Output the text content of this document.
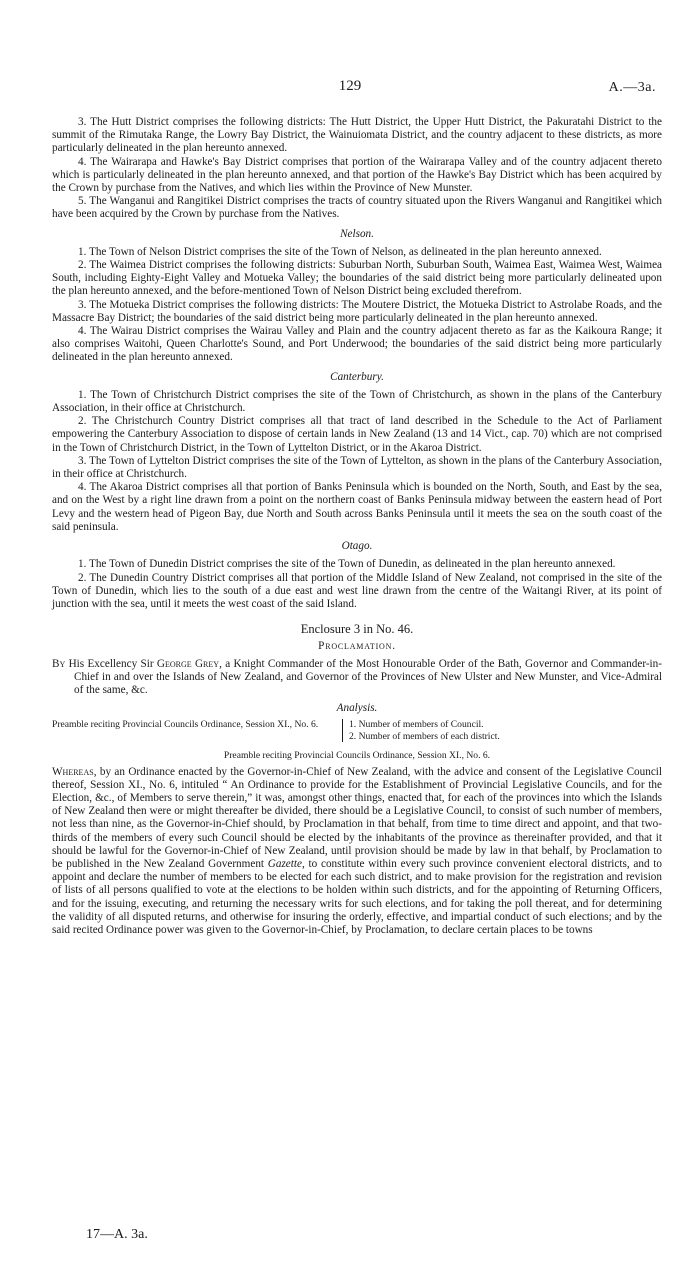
129	A.—3a.

3. The Hutt District comprises the following districts: The Hutt District, the Upper Hutt District, the Pakuratahi District to the summit of the Rimutaka Range, the Lowry Bay District, the Wainuiomata District, and the country adjacent to these districts, as more particularly delineated in the plan hereunto annexed.

4. The Wairarapa and Hawke's Bay District comprises that portion of the Wairarapa Valley and of the country adjacent thereto which is particularly delineated in the plan hereunto annexed, and that portion of the Hawke's Bay District which has been acquired by the Crown by purchase from the Natives, and which lies within the Province of New Munster.

5. The Wanganui and Rangitikei District comprises the tracts of country situated upon the Rivers Wanganui and Rangitikei which have been acquired by the Crown by purchase from the Natives.

Nelson.

1. The Town of Nelson District comprises the site of the Town of Nelson, as delineated in the plan hereunto annexed.

2. The Waimea District comprises the following districts: Suburban North, Suburban South, Waimea East, Waimea West, Waimea South, including Eighty-Eight Valley and Motueka Valley; the boundaries of the said district being more particularly delineated upon the plan hereunto annexed, and the before-mentioned Town of Nelson District being excluded therefrom.

3. The Motueka District comprises the following districts: The Moutere District, the Motueka District to Astrolabe Roads, and the Massacre Bay District; the boundaries of the said district being more particularly delineated in the plan hereunto annexed.

4. The Wairau District comprises the Wairau Valley and Plain and the country adjacent thereto as far as the Kaikoura Range; it also comprises Waitohi, Queen Charlotte's Sound, and Port Underwood; the boundaries of the said district being more particularly delineated in the plan hereunto annexed.

Canterbury.

1. The Town of Christchurch District comprises the site of the Town of Christchurch, as shown in the plans of the Canterbury Association, in their office at Christchurch.

2. The Christchurch Country District comprises all that tract of land described in the Schedule to the Act of Parliament empowering the Canterbury Association to dispose of certain lands in New Zealand (13 and 14 Vict., cap. 70) which are not comprised in the Town of Christchurch District, in the Town of Lyttelton District, or in the Akaroa District.

3. The Town of Lyttelton District comprises the site of the Town of Lyttelton, as shown in the plans of the Canterbury Association, in their office at Christchurch.

4. The Akaroa District comprises all that portion of Banks Peninsula which is bounded on the North, South, and East by the sea, and on the West by a right line drawn from a point on the northern coast of Banks Peninsula midway between the eastern head of Port Levy and the western head of Pigeon Bay, due North and South across Banks Peninsula until it meets the sea on the south coast of the said peninsula.

Otago.

1. The Town of Dunedin District comprises the site of the Town of Dunedin, as delineated in the plan hereunto annexed.

2. The Dunedin Country District comprises all that portion of the Middle Island of New Zealand, not comprised in the site of the Town of Dunedin, which lies to the south of a due east and west line drawn from the centre of the Waitangi River, at its point of junction with the sea, until it meets the west coast of the said Island.

Enclosure 3 in No. 46.
Proclamation.

By His Excellency Sir George Grey, a Knight Commander of the Most Honourable Order of the Bath, Governor and Commander-in-Chief in and over the Islands of New Zealand, and Governor of the Provinces of New Ulster and New Munster, and Vice-Admiral of the same, &c.

Analysis.
Preamble reciting Provincial Councils Ordinance, Session XI., No. 6.	1. Number of members of Council.
2. Number of members of each district.
Preamble reciting Provincial Councils Ordinance, Session XI., No. 6.

Whereas, by an Ordinance enacted by the Governor-in-Chief of New Zealand, with the advice and consent of the Legislative Council thereof, Session XI., No. 6, intituled “ An Ordinance to provide for the Establishment of Provincial Legislative Councils, and for the Election, &c., of Members to serve therein,” it was, amongst other things, enacted that, for each of the provinces into which the Islands of New Zealand then were or might thereafter be divided, there should be a Legislative Council, to consist of such number of members, not less than nine, as the Governor-in-Chief should, by Proclamation in that behalf, from time to time direct and appoint, and that two-thirds of the members of every such Council should be elected by the inhabitants of the province as thereinafter provided, and that it should be lawful for the Governor-in-Chief of New Zealand, until provision should be made by law in that behalf, by Proclamation to be published in the New Zealand Government Gazette, to constitute within every such province convenient electoral districts, and to appoint and declare the number of members to be elected for each such district, and to make provision for the registration and revision of lists of all persons qualified to vote at the elections to be holden within such districts, and for the appointing of Returning Officers, and for the issuing, executing, and returning the necessary writs for such elections, and for taking the poll thereat, and for determining the validity of all disputed returns, and otherwise for insuring the orderly, effective, and impartial conduct of such elections; and by the said recited Ordinance power was given to the Governor-in-Chief, by Proclamation, to declare certain places to be towns

17—A. 3a.
